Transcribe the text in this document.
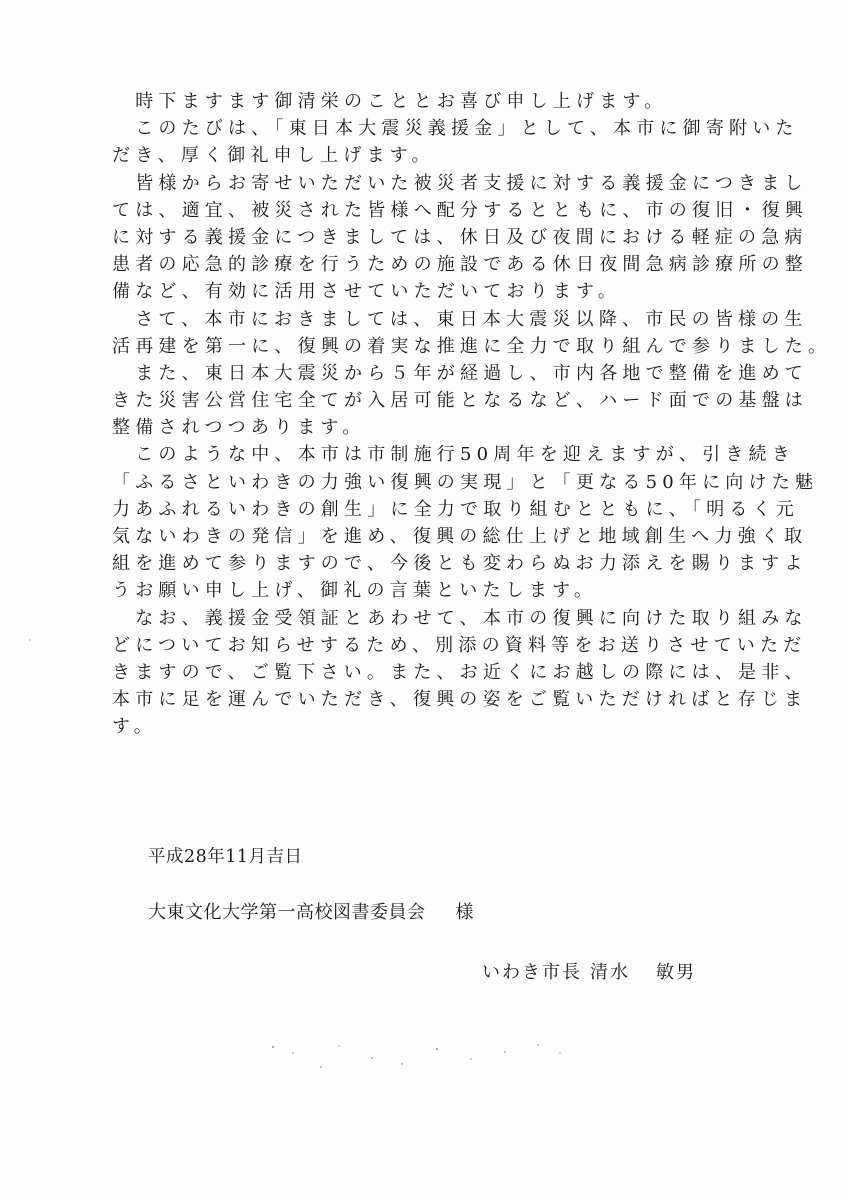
　時下ますます御清栄のこととお喜び申し上げます。
　このたびは、「東日本大震災義援金」として、本市に御寄附いた
だき、厚く御礼申し上げます。
　皆様からお寄せいただいた被災者支援に対する義援金につきまし
ては、適宜、被災された皆様へ配分するとともに、市の復旧・復興
に対する義援金につきましては、休日及び夜間における軽症の急病
患者の応急的診療を行うための施設である休日夜間急病診療所の整
備など、有効に活用させていただいております。
　さて、本市におきましては、東日本大震災以降、市民の皆様の生
活再建を第一に、復興の着実な推進に全力で取り組んで参りました。
　また、東日本大震災から５年が経過し、市内各地で整備を進めて
きた災害公営住宅全てが入居可能となるなど、ハード面での基盤は
整備されつつあります。
　このような中、本市は市制施行50周年を迎えますが、引き続き
「ふるさといわきの力強い復興の実現」と「更なる50年に向けた魅
力あふれるいわきの創生」に全力で取り組むとともに、「明るく元
気ないわきの発信」を進め、復興の総仕上げと地域創生へ力強く取
組を進めて参りますので、今後とも変わらぬお力添えを賜りますよ
うお願い申し上げ、御礼の言葉といたします。
　なお、義援金受領証とあわせて、本市の復興に向けた取り組みな
どについてお知らせするため、別添の資料等をお送りさせていただ
きますので、ご覧下さい。また、お近くにお越しの際には、是非、
本市に足を運んでいただき、復興の姿をご覧いただければと存じま
す。
平成28年11月吉日
大東文化大学第一高校図書委員会 様
いわき市長 清水 敏男
